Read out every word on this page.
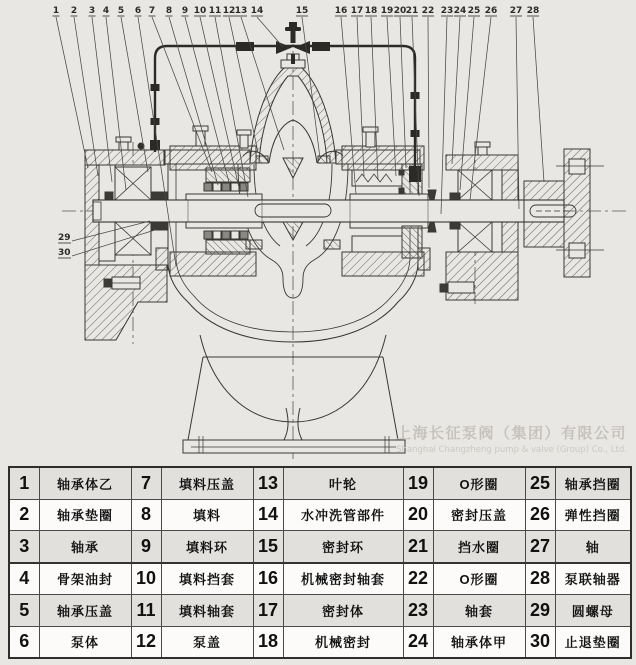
1 2 3 4 5 6 7 8 9 10 11 12 13 14	15	16 17 18 19 20 21 22 23 24 25 26 27 28
29
30
上海长征泵阀（集团）有限公司
Shanghai Changzheng pump & valve (Group) Co., Ltd.
1	轴承体乙	7	填料压盖	13	叶轮	19	O形圈	25	轴承挡圈
2	轴承垫圈	8	填料	14	水冲洗管部件	20	密封压盖	26	弹性挡圈
3	轴承	9	填料环	15	密封环	21	挡水圈	27	轴
4	骨架油封	10	填料挡套	16	机械密封轴套	22	O形圈	28	泵联轴器
5	轴承压盖	11	填料轴套	17	密封体	23	轴套	29	圆螺母
6	泵体	12	泵盖	18	机械密封	24	轴承体甲	30	止退垫圈
